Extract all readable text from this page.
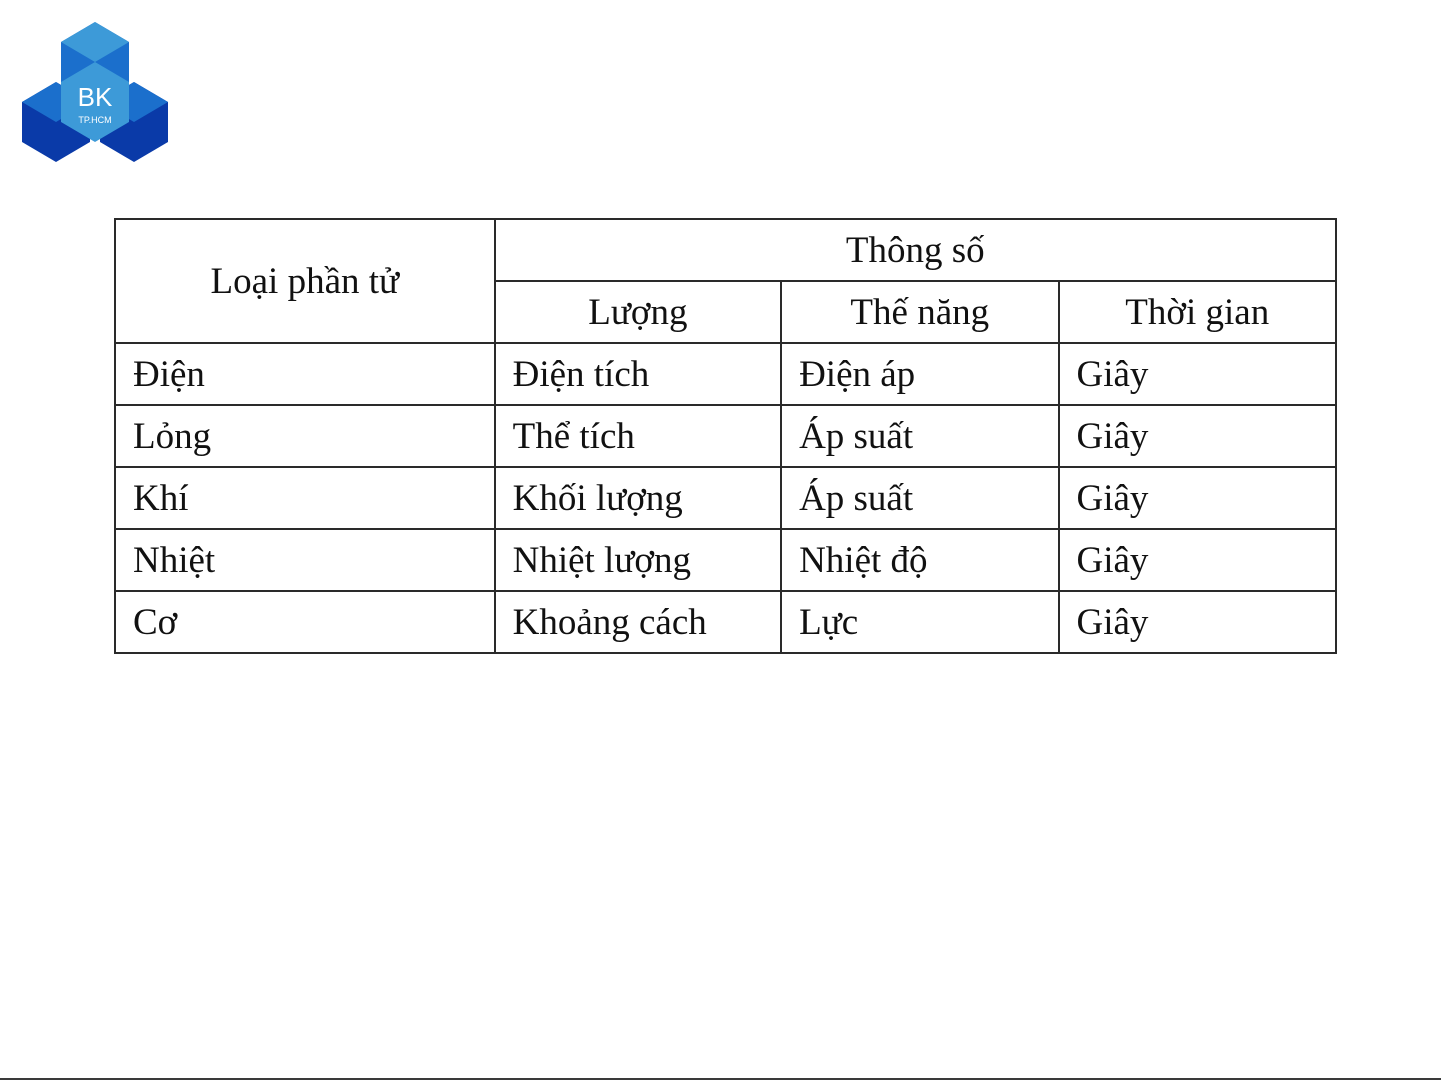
BK
TP.HCM
Loại phần tử	Thông số		
	Lượng	Thế năng	Thời gian
Điện	Điện tích	Điện áp	Giây
Lỏng	Thể tích	Áp suất	Giây
Khí	Khối lượng	Áp suất	Giây
Nhiệt	Nhiệt lượng	Nhiệt độ	Giây
Cơ	Khoảng cách	Lực	Giây
